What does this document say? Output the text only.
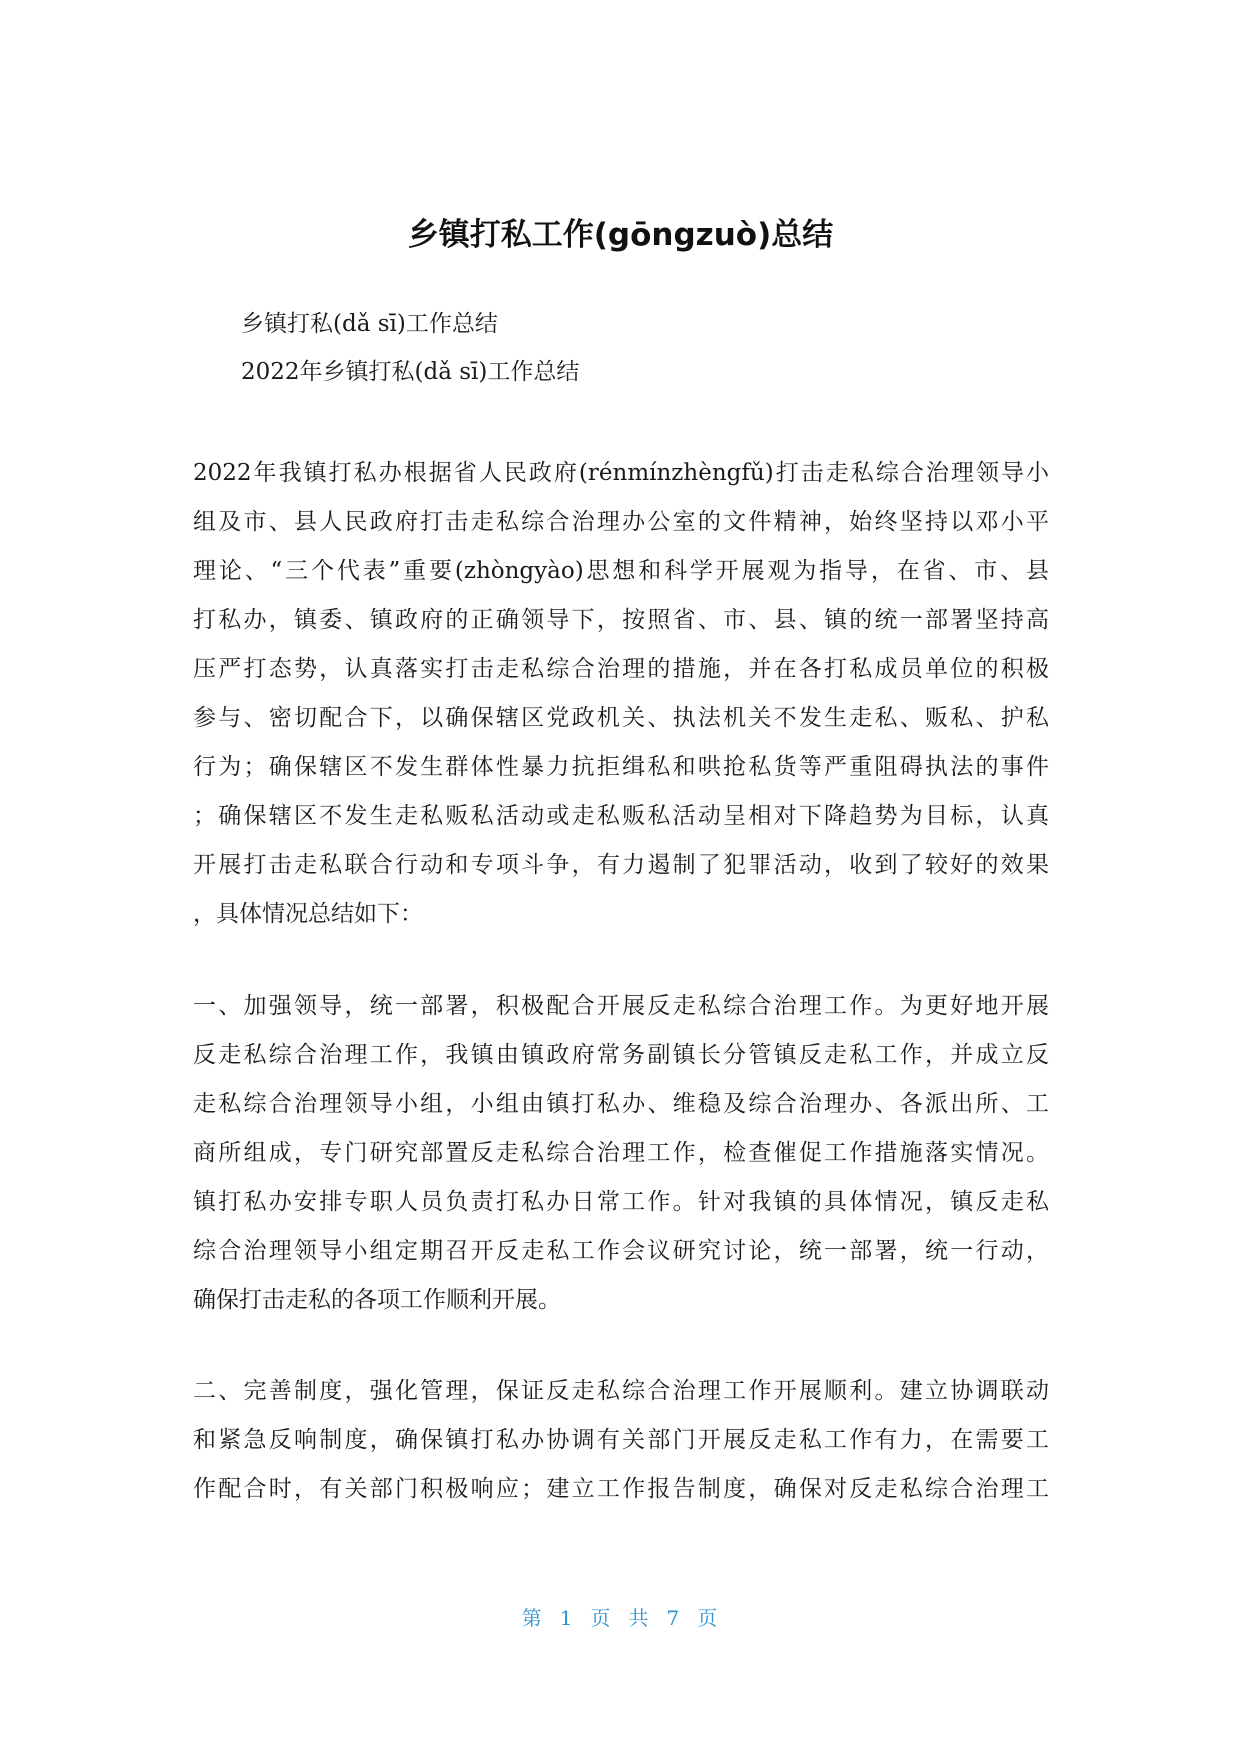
乡镇打私工作(gōngzuò)总结
乡镇打私(dǎ sī)工作总结
2022年乡镇打私(dǎ sī)工作总结

2022年我镇打私办根据省人民政府(rénmínzhèngfǔ)打击走私综合治理领导小
组及市、县人民政府打击走私综合治理办公室的文件精神，始终坚持以邓小平
理论、“三个代表”重要(zhòngyào)思想和科学开展观为指导，在省、市、县
打私办，镇委、镇政府的正确领导下，按照省、市、县、镇的统一部署坚持高
压严打态势，认真落实打击走私综合治理的措施，并在各打私成员单位的积极
参与、密切配合下，以确保辖区党政机关、执法机关不发生走私、贩私、护私
行为；确保辖区不发生群体性暴力抗拒缉私和哄抢私货等严重阻碍执法的事件
；确保辖区不发生走私贩私活动或走私贩私活动呈相对下降趋势为目标，认真
开展打击走私联合行动和专项斗争，有力遏制了犯罪活动，收到了较好的效果
，具体情况总结如下：

一、加强领导，统一部署，积极配合开展反走私综合治理工作。为更好地开展
反走私综合治理工作，我镇由镇政府常务副镇长分管镇反走私工作，并成立反
走私综合治理领导小组，小组由镇打私办、维稳及综合治理办、各派出所、工
商所组成，专门研究部置反走私综合治理工作，检查催促工作措施落实情况。
镇打私办安排专职人员负责打私办日常工作。针对我镇的具体情况，镇反走私
综合治理领导小组定期召开反走私工作会议研究讨论，统一部署，统一行动，
确保打击走私的各项工作顺利开展。

二、完善制度，强化管理，保证反走私综合治理工作开展顺利。建立协调联动
和紧急反响制度，确保镇打私办协调有关部门开展反走私工作有力，在需要工
作配合时，有关部门积极响应；建立工作报告制度，确保对反走私综合治理工

第 1 页 共 7 页
